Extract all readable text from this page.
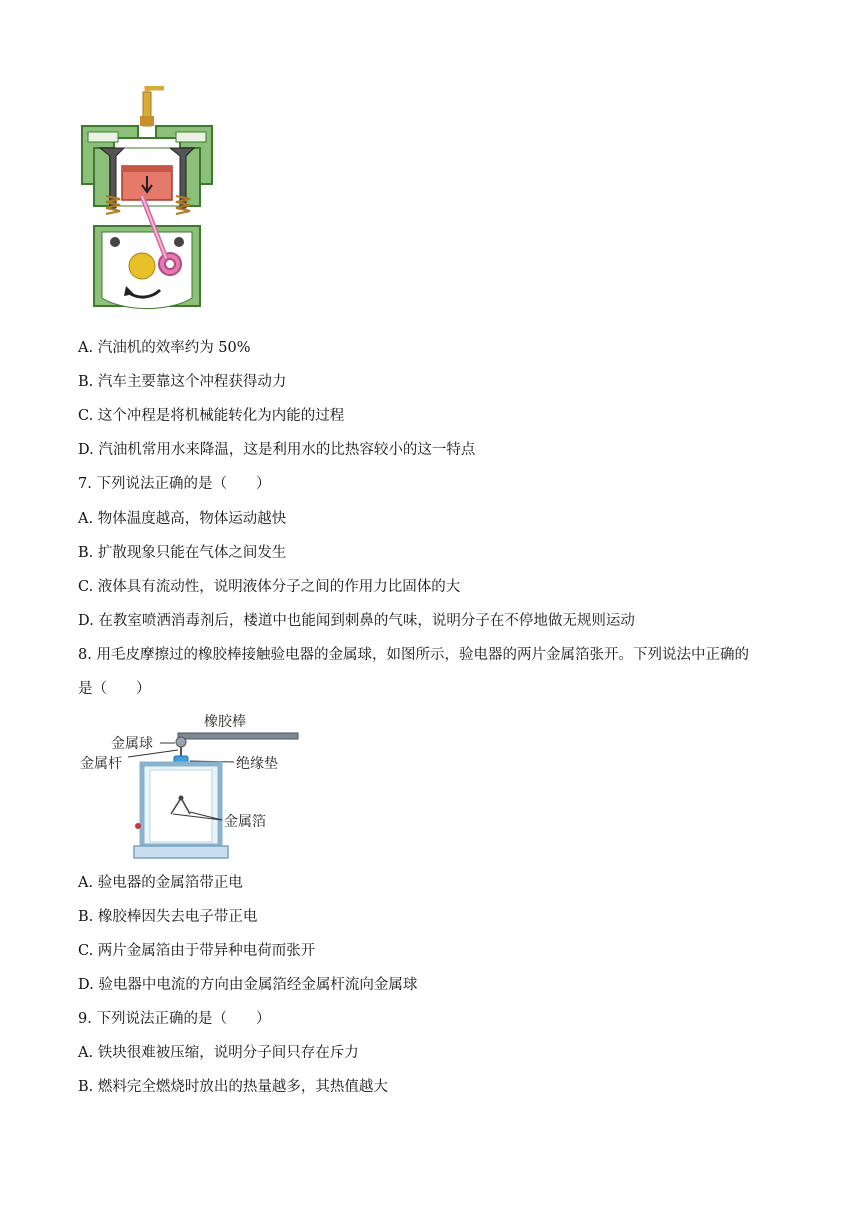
A. 汽油机的效率约为 50%
B. 汽车主要靠这个冲程获得动力
C. 这个冲程是将机械能转化为内能的过程
D. 汽油机常用水来降温，这是利用水的比热容较小的这一特点
7. 下列说法正确的是（　　）
A. 物体温度越高，物体运动越快
B. 扩散现象只能在气体之间发生
C. 液体具有流动性，说明液体分子之间的作用力比固体的大
D. 在教室喷洒消毒剂后，楼道中也能闻到刺鼻的气味，说明分子在不停地做无规则运动
8. 用毛皮摩擦过的橡胶棒接触验电器的金属球，如图所示，验电器的两片金属箔张开。下列说法中正确的
是（　　）
橡胶棒
金属球
金属杆	绝缘垫
金属箔
A. 验电器的金属箔带正电
B. 橡胶棒因失去电子带正电
C. 两片金属箔由于带异种电荷而张开
D. 验电器中电流的方向由金属箔经金属杆流向金属球
9. 下列说法正确的是（　　）
A. 铁块很难被压缩，说明分子间只存在斥力
B. 燃料完全燃烧时放出的热量越多，其热值越大
